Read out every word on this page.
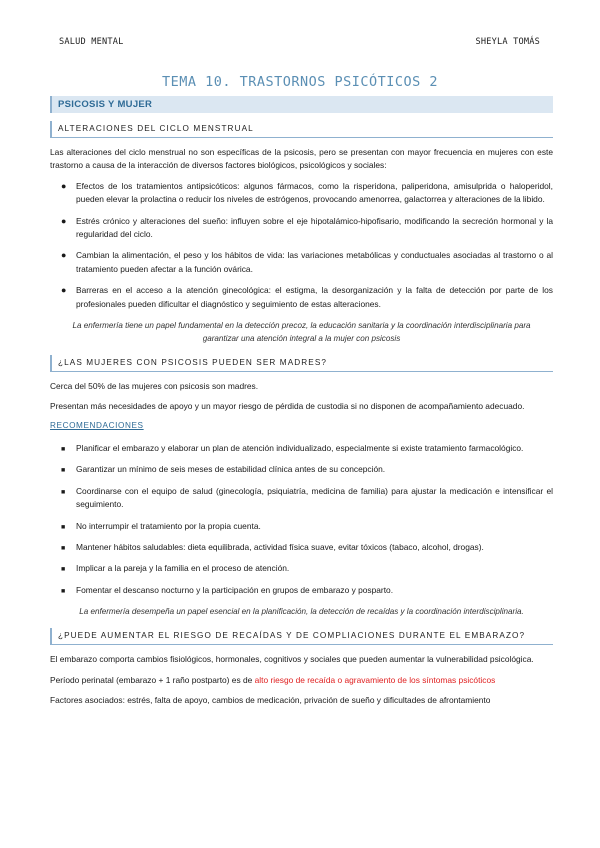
SALUD MENTAL	SHEYLA TOMÁS
TEMA 10. TRASTORNOS PSICÓTICOS 2
PSICOSIS Y MUJER
ALTERACIONES DEL CICLO MENSTRUAL

Las alteraciones del ciclo menstrual no son específicas de la psicosis, pero se presentan con mayor frecuencia en mujeres con este trastorno a causa de la interacción de diversos factores biológicos, psicológicos y sociales:

● Efectos de los tratamientos antipsicóticos: algunos fármacos, como la risperidona, paliperidona, amisulprida o haloperidol, pueden elevar la prolactina o reducir los niveles de estrógenos, provocando amenorrea, galactorrea y alteraciones de la libido.
● Estrés crónico y alteraciones del sueño: influyen sobre el eje hipotalámico-hipofisario, modificando la secreción hormonal y la regularidad del ciclo.
● Cambian la alimentación, el peso y los hábitos de vida: las variaciones metabólicas y conductuales asociadas al trastorno o al tratamiento pueden afectar a la función ovárica.
● Barreras en el acceso a la atención ginecológica: el estigma, la desorganización y la falta de detección por parte de los profesionales pueden dificultar el diagnóstico y seguimiento de estas alteraciones.
La enfermería tiene un papel fundamental en la detección precoz, la educación sanitaria y la coordinación interdisciplinaria para garantizar una atención integral a la mujer con psicosis
¿LAS MUJERES CON PSICOSIS PUEDEN SER MADRES?

Cerca del 50% de las mujeres con psicosis son madres.

Presentan más necesidades de apoyo y un mayor riesgo de pérdida de custodia si no disponen de acompañamiento adecuado.

RECOMENDACIONES
■ Planificar el embarazo y elaborar un plan de atención individualizado, especialmente si existe tratamiento farmacológico.
■ Garantizar un mínimo de seis meses de estabilidad clínica antes de su concepción.
■ Coordinarse con el equipo de salud (ginecología, psiquiatría, medicina de familia) para ajustar la medicación e intensificar el seguimiento.
■ No interrumpir el tratamiento por la propia cuenta.
■ Mantener hábitos saludables: dieta equilibrada, actividad física suave, evitar tóxicos (tabaco, alcohol, drogas).
■ Implicar a la pareja y la familia en el proceso de atención.
■ Fomentar el descanso nocturno y la participación en grupos de embarazo y posparto.
La enfermería desempeña un papel esencial en la planificación, la detección de recaídas y la coordinación interdisciplinaria.
¿PUEDE AUMENTAR EL RIESGO DE RECAÍDAS Y DE COMPLIACIONES DURANTE EL EMBARAZO?

El embarazo comporta cambios fisiológicos, hormonales, cognitivos y sociales que pueden aumentar la vulnerabilidad psicológica.

Período perinatal (embarazo + 1 raño postparto) es de alto riesgo de recaída o agravamiento de los síntomas psicóticos

Factores asociados: estrés, falta de apoyo, cambios de medicación, privación de sueño y dificultades de afrontamiento
